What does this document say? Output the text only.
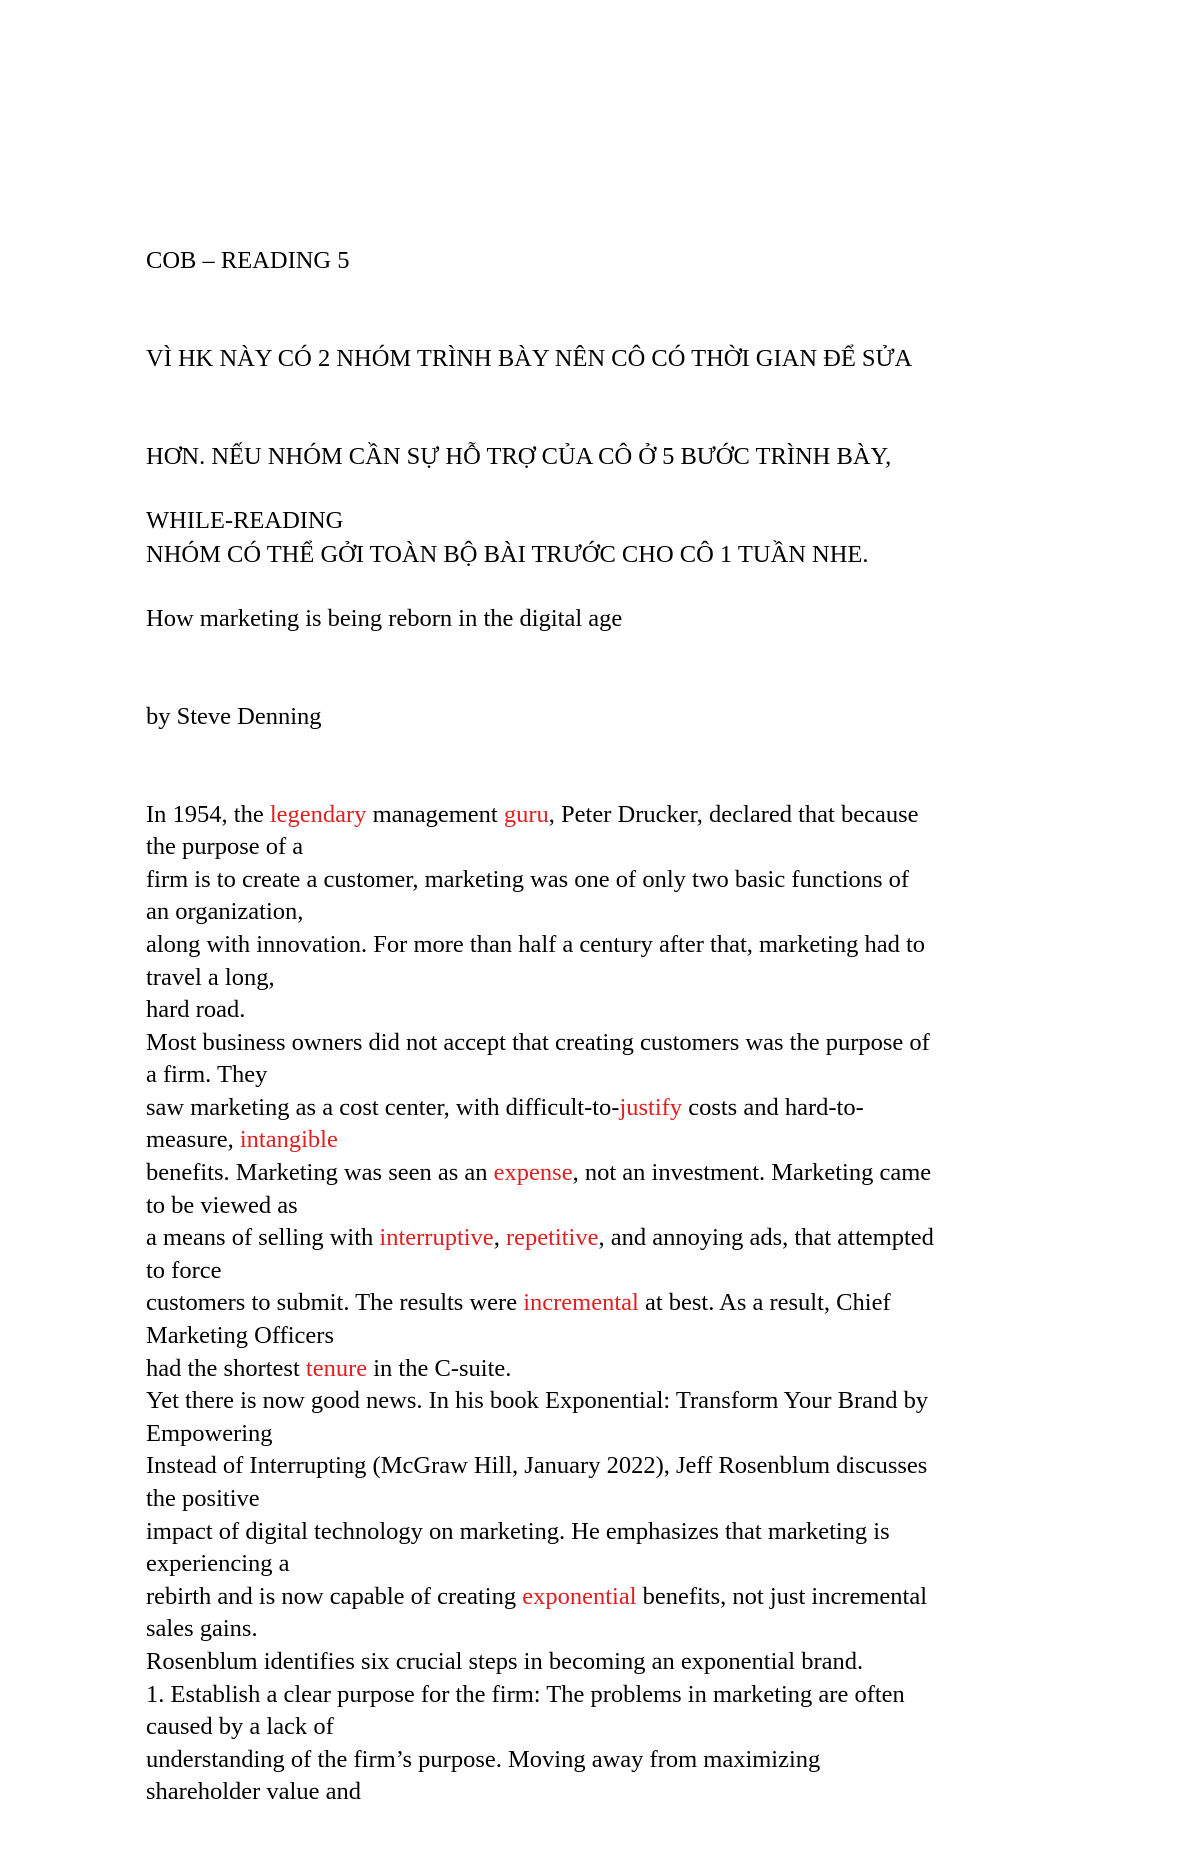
COB – READING 5

VÌ HK NÀY CÓ 2 NHÓM TRÌNH BÀY NÊN CÔ CÓ THỜI GIAN ĐỂ SỬA

HƠN. NẾU NHÓM CẦN SỰ HỖ TRỢ CỦA CÔ Ở 5 BƯỚC TRÌNH BÀY,

NHÓM CÓ THỂ GỞI TOÀN BỘ BÀI TRƯỚC CHO CÔ 1 TUẦN NHE.

WHILE-READING

How marketing is being reborn in the digital age

by Steve Denning

In 1954, the legendary management guru, Peter Drucker, declared that because
the purpose of a
firm is to create a customer, marketing was one of only two basic functions of
an organization,
along with innovation. For more than half a century after that, marketing had to
travel a long,
hard road.
Most business owners did not accept that creating customers was the purpose of
a firm. They
saw marketing as a cost center, with difficult-to-justify costs and hard-to-
measure, intangible
benefits. Marketing was seen as an expense, not an investment. Marketing came
to be viewed as
a means of selling with interruptive, repetitive, and annoying ads, that attempted
to force
customers to submit. The results were incremental at best. As a result, Chief
Marketing Officers
had the shortest tenure in the C-suite.
Yet there is now good news. In his book Exponential: Transform Your Brand by
Empowering
Instead of Interrupting (McGraw Hill, January 2022), Jeff Rosenblum discusses
the positive
impact of digital technology on marketing. He emphasizes that marketing is
experiencing a
rebirth and is now capable of creating exponential benefits, not just incremental
sales gains.
Rosenblum identifies six crucial steps in becoming an exponential brand.
1. Establish a clear purpose for the firm: The problems in marketing are often
caused by a lack of
understanding of the firm’s purpose. Moving away from maximizing
shareholder value and
